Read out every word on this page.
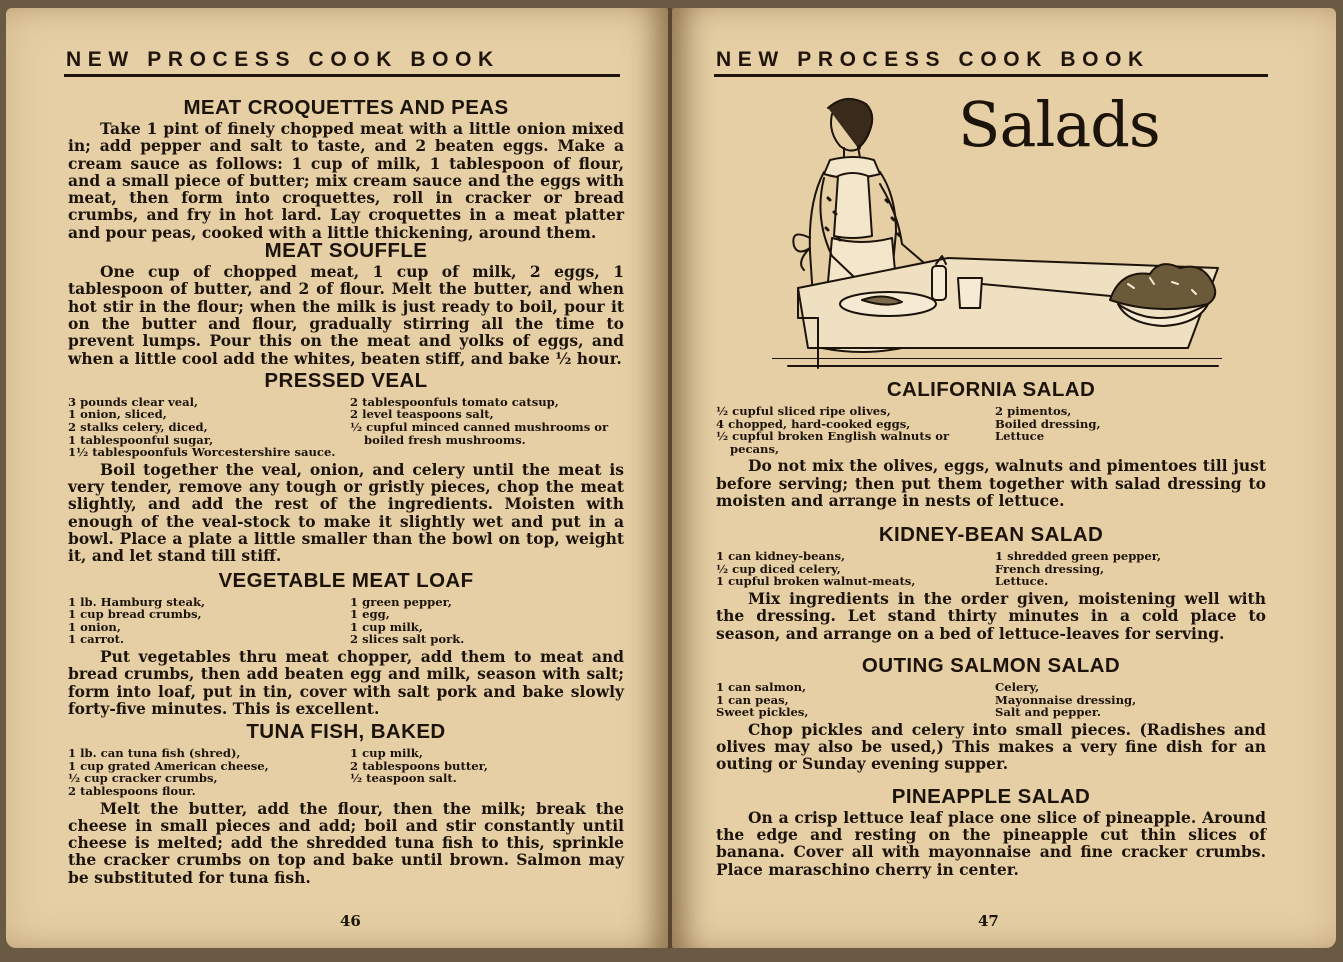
NEW PROCESS COOK BOOK
MEAT CROQUETTES AND PEAS

Take 1 pint of finely chopped meat with a little onion mixed in; add pepper and salt to taste, and 2 beaten eggs. Make a cream sauce as follows: 1 cup of milk, 1 tablespoon of flour, and a small piece of butter; mix cream sauce and the eggs with meat, then form into croquettes, roll in cracker or bread crumbs, and fry in hot lard. Lay croquettes in a meat platter and pour peas, cooked with a little thickening, around them.

MEAT SOUFFLE

One cup of chopped meat, 1 cup of milk, 2 eggs, 1 tablespoon of butter, and 2 of flour. Melt the butter, and when hot stir in the flour; when the milk is just ready to boil, pour it on the butter and flour, gradually stirring all the time to prevent lumps. Pour this on the meat and yolks of eggs, and when a little cool add the whites, beaten stiff, and bake ½ hour.

PRESSED VEAL
3 pounds clear veal,
1 onion, sliced,
2 stalks celery, diced,
1 tablespoonful sugar,
1½ tablespoonfuls Worcestershire sauce.
2 tablespoonfuls tomato catsup,
2 level teaspoons salt,
½ cupful minced canned mushrooms or boiled fresh mushrooms.

Boil together the veal, onion, and celery until the meat is very tender, remove any tough or gristly pieces, chop the meat slightly, and add the rest of the ingredients. Moisten with enough of the veal-stock to make it slightly wet and put in a bowl. Place a plate a little smaller than the bowl on top, weight it, and let stand till stiff.

VEGETABLE MEAT LOAF
1 lb. Hamburg steak,
1 cup bread crumbs,
1 onion,
1 carrot.
1 green pepper,
1 egg,
1 cup milk,
2 slices salt pork.

Put vegetables thru meat chopper, add them to meat and bread crumbs, then add beaten egg and milk, season with salt; form into loaf, put in tin, cover with salt pork and bake slowly forty-five minutes. This is excellent.

TUNA FISH, BAKED
1 lb. can tuna fish (shred),
1 cup grated American cheese,
½ cup cracker crumbs,
2 tablespoons flour.
1 cup milk,
2 tablespoons butter,
½ teaspoon salt.

Melt the butter, add the flour, then the milk; break the cheese in small pieces and add; boil and stir constantly until cheese is melted; add the shredded tuna fish to this, sprinkle the cracker crumbs on top and bake until brown. Salmon may be substituted for tuna fish.

46
NEW PROCESS COOK BOOK
Salads
CALIFORNIA SALAD
½ cupful sliced ripe olives,
4 chopped, hard-cooked eggs,
½ cupful broken English walnuts or pecans,
2 pimentos,
Boiled dressing,
Lettuce

Do not mix the olives, eggs, walnuts and pimentoes till just before serving; then put them together with salad dressing to moisten and arrange in nests of lettuce.

KIDNEY-BEAN SALAD
1 can kidney-beans,
½ cup diced celery,
1 cupful broken walnut-meats,
1 shredded green pepper,
French dressing,
Lettuce.

Mix ingredients in the order given, moistening well with the dressing. Let stand thirty minutes in a cold place to season, and arrange on a bed of lettuce-leaves for serving.

OUTING SALMON SALAD
1 can salmon,
1 can peas,
Sweet pickles,
Celery,
Mayonnaise dressing,
Salt and pepper.

Chop pickles and celery into small pieces. (Radishes and olives may also be used,) This makes a very fine dish for an outing or Sunday evening supper.

PINEAPPLE SALAD

On a crisp lettuce leaf place one slice of pineapple. Around the edge and resting on the pineapple cut thin slices of banana. Cover all with mayonnaise and fine cracker crumbs. Place maraschino cherry in center.

47
